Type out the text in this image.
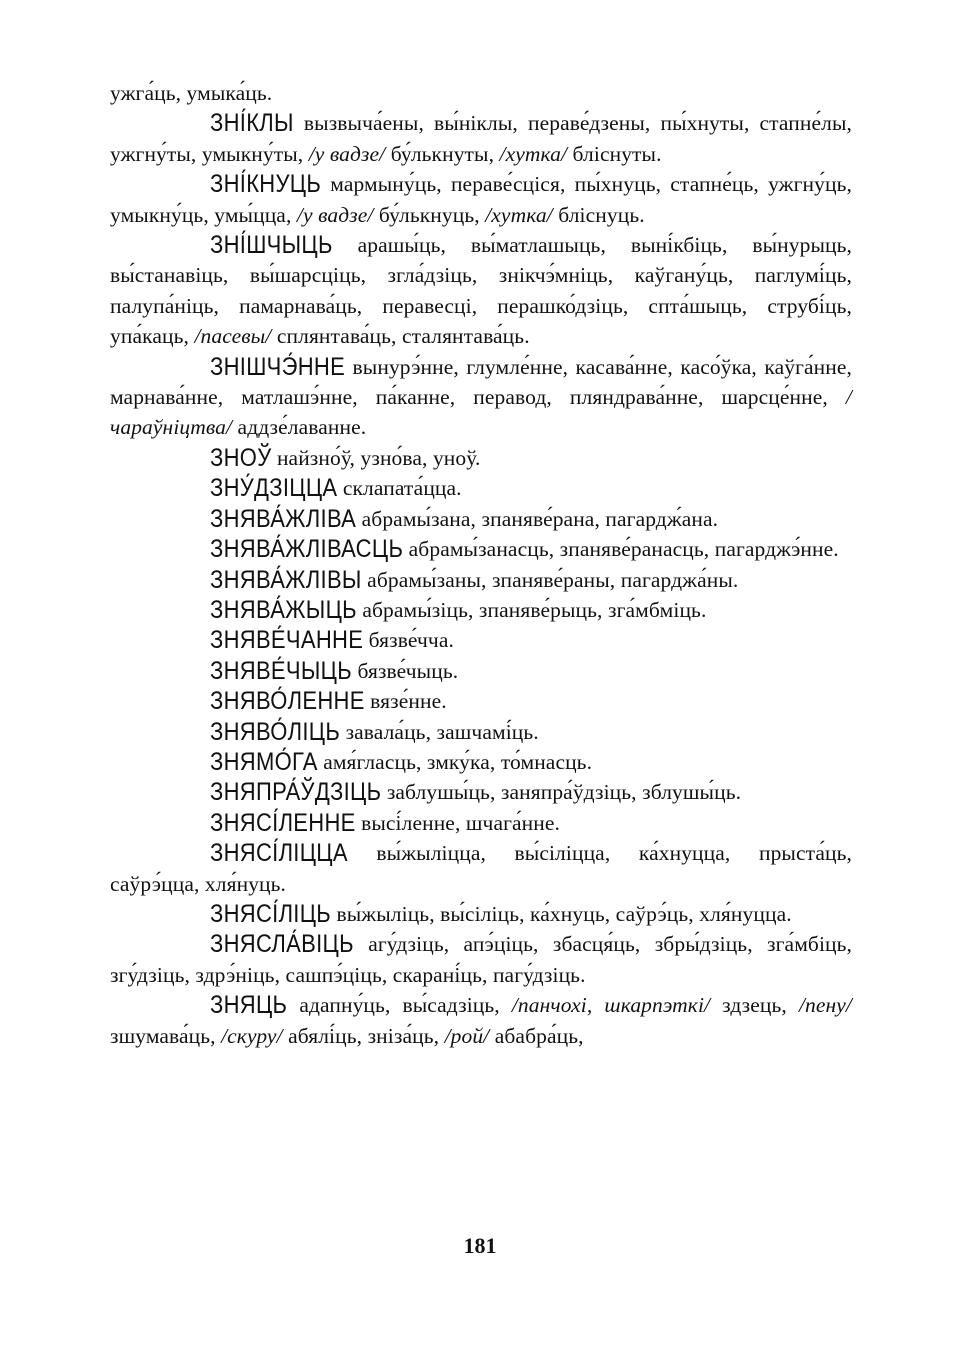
ужга́ць, умыка́ць.

ЗНІ́КЛЫ вызвыча́ены, вы́ніклы, пераве́дзены, пы́хнуты, стапне́лы, ужгну́ты, умыкну́ты, /у вадзе/ бу́лькнуты, /хутка/ бліснуты.

ЗНІ́КНУЦЬ мармыну́ць, пераве́сціся, пы́хнуць, стапне́ць, ужгну́ць, умыкну́ць, умы́цца, /у вадзе/ бу́лькнуць, /хутка/ бліснуць.

ЗНІ́ШЧЫЦЬ арашы́ць, вы́матлашыць, выні́кбіць, вы́нурыць, вы́станавіць, вы́шарсціць, згла́дзіць, знікчэ́мніць, каўгану́ць, паглумі́ць, палупа́ніць, памарнава́ць, перавесці, перашко́дзіць, спта́шыць, струбі́ць, упа́каць, /пасевы/ сплянтава́ць, сталянтава́ць.

ЗНІШЧЭ́ННЕ вынурэ́нне, глумле́нне, касава́нне, касо́ўка, каўга́нне, марнава́нне, матлашэ́нне, па́канне, перавод, пляндрава́нне, шарсце́нне, /чараўніцтва/ аддзе́лаванне.

ЗНОЎ найзно́ў, узно́ва, уноў.

ЗНУ́ДЗІЦЦА склапата́цца.

ЗНЯВА́ЖЛІВА абрамы́зана, зпаняве́рана, пагардж́ана.

ЗНЯВА́ЖЛІВАСЦЬ абрамы́занасць, зпаняве́ранасць, пагарджэ́нне.

ЗНЯВА́ЖЛІВЫ абрамы́заны, зпаняве́раны, пагарджа́ны.

ЗНЯВА́ЖЫЦЬ абрамы́зіць, зпаняве́рыць, зга́мбміць.

ЗНЯВЕ́ЧАННЕ бязве́чча.

ЗНЯВЕ́ЧЫЦЬ бязве́чыць.

ЗНЯВО́ЛЕННЕ вязе́нне.

ЗНЯВО́ЛІЦЬ завала́ць, зашчамі́ць.

ЗНЯМО́ГА амя́гласць, змку́ка, то́мнасць.

ЗНЯПРА́ЎДЗІЦЬ заблушы́ць, заняпра́ўдзіць, зблушы́ць.

ЗНЯСІ́ЛЕННЕ высі́ленне, шчага́нне.

ЗНЯСІ́ЛІЦЦА вы́жыліцца, вы́сіліцца, ка́хнуцца, прыста́ць, саўрэ́цца, хля́нуць.

ЗНЯСІ́ЛІЦЬ вы́жыліць, вы́сіліць, ка́хнуць, саўрэ́ць, хля́нуцца.

ЗНЯСЛА́ВІЦЬ агу́дзіць, апэ́ціць, збасця́ць, збры́дзіць, зга́мбіць, згу́дзіць, здрэ́ніць, сашпэ́ціць, скарані́ць, пагу́дзіць.

ЗНЯЦЬ адапну́ць, вы́садзіць, /панчохі, шкарпэткі/ здзець, /пену/ зшумава́ць, /скуру/ абялі́ць, зніза́ць, /рой/ абабра́ць,

181
